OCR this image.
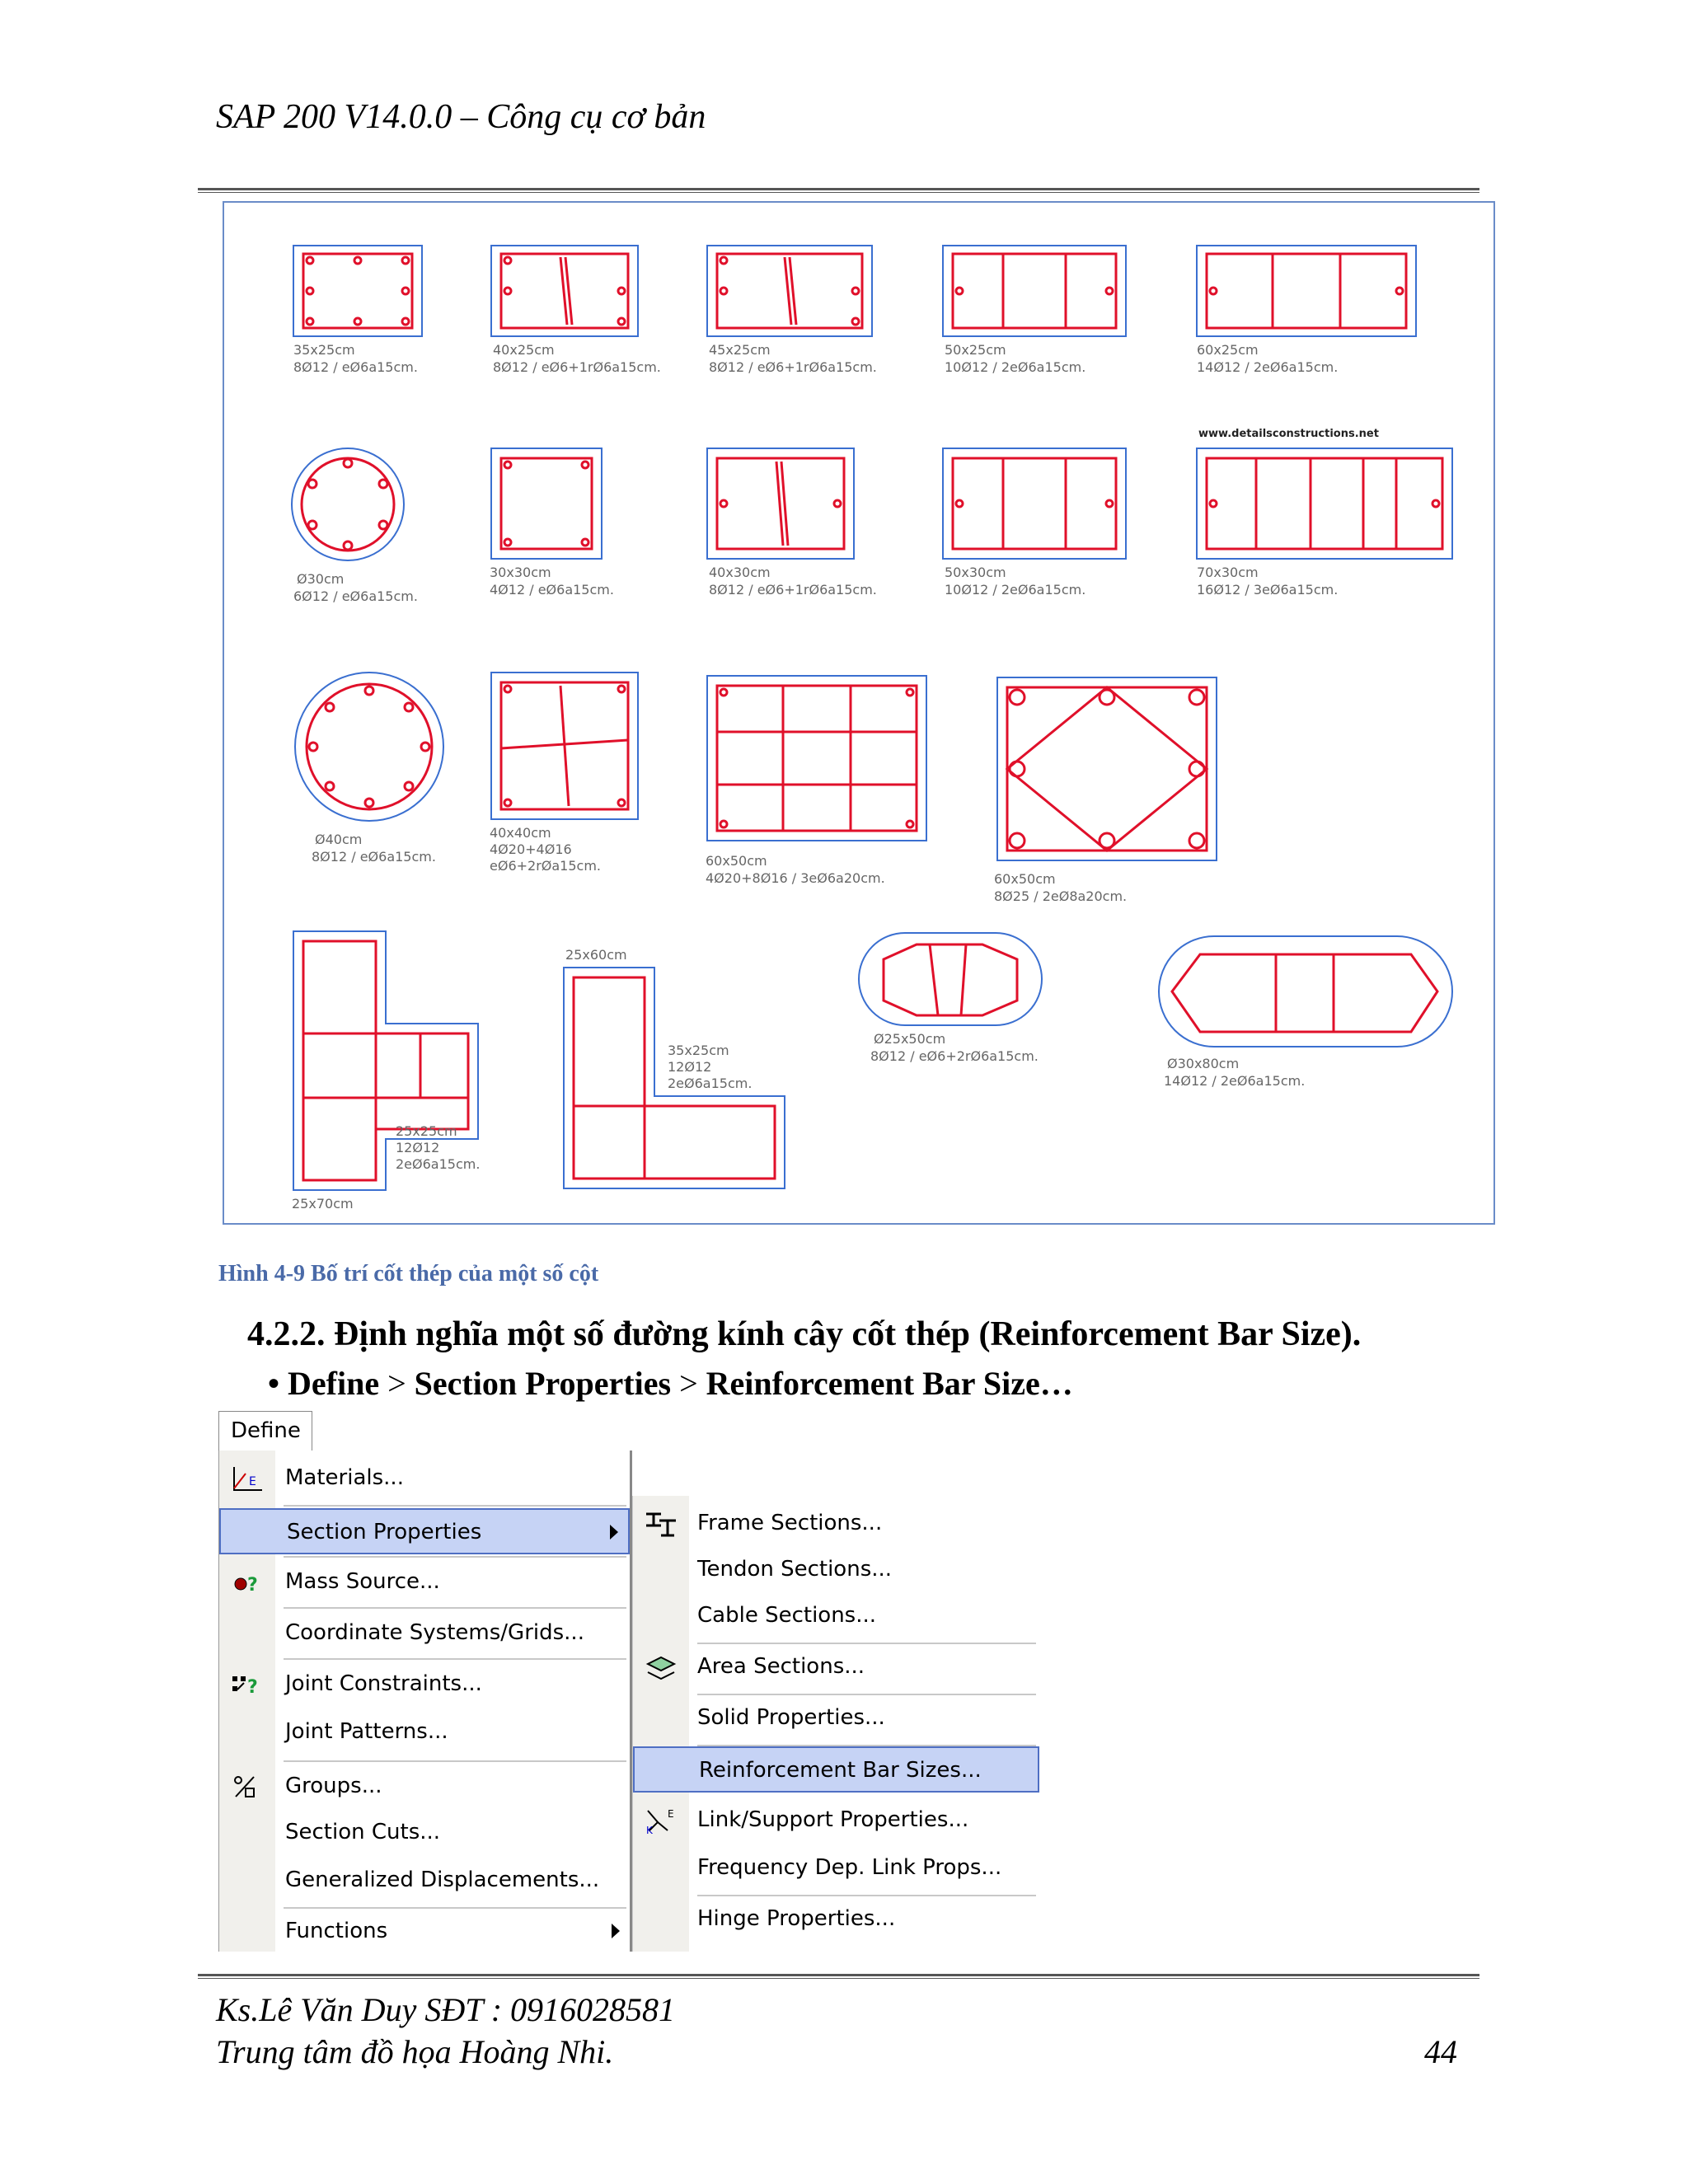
SAP 200 V14.0.0 – Công cụ cơ bản
www.detailsconstructions.net
35x25cm
8Ø12 / eØ6a15cm.
40x25cm
8Ø12 / eØ6+1rØ6a15cm.
45x25cm
8Ø12 / eØ6+1rØ6a15cm.
50x25cm
10Ø12 / 2eØ6a15cm.
60x25cm
14Ø12 / 2eØ6a15cm.
Ø30cm
6Ø12 / eØ6a15cm.
30x30cm
4Ø12 / eØ6a15cm.
40x30cm
8Ø12 / eØ6+1rØ6a15cm.
50x30cm
10Ø12 / 2eØ6a15cm.
70x30cm
16Ø12 / 3eØ6a15cm.
Ø40cm
8Ø12 / eØ6a15cm.
40x40cm
4Ø20+4Ø16
eØ6+2rØa15cm.	60x50cm
4Ø20+8Ø16 / 3eØ6a20cm.	60x50cm
8Ø25 / 2eØ8a20cm.
25x25cm
12Ø12
2eØ6a15cm.
25x70cm
25x60cm
35x25cm
12Ø12
2eØ6a15cm.
Ø25x50cm
8Ø12 / eØ6+2rØ6a15cm.	Ø30x80cm
14Ø12 / 2eØ6a15cm.
Hình 4-9 Bố trí cốt thép của một số cột
4.2.2. Định nghĩa một số đường kính cây cốt thép (Reinforcement Bar Size).
• Define > Section Properties > Reinforcement Bar Size…
Define
E Materials...
Section Properties
? Mass Source...
Coordinate Systems/Grids...
? Joint Constraints...
Joint Patterns...
Groups...
Section Cuts...
Generalized Displacements...
Functions
Frame Sections...
Tendon Sections...
Cable Sections...
Area Sections...
Solid Properties...
Reinforcement Bar Sizes...
E
K Link/Support Properties...
Frequency Dep. Link Props...
Hinge Properties...
Ks.Lê Văn Duy SĐT : 0916028581
Trung tâm đồ họa Hoàng Nhi.	44
